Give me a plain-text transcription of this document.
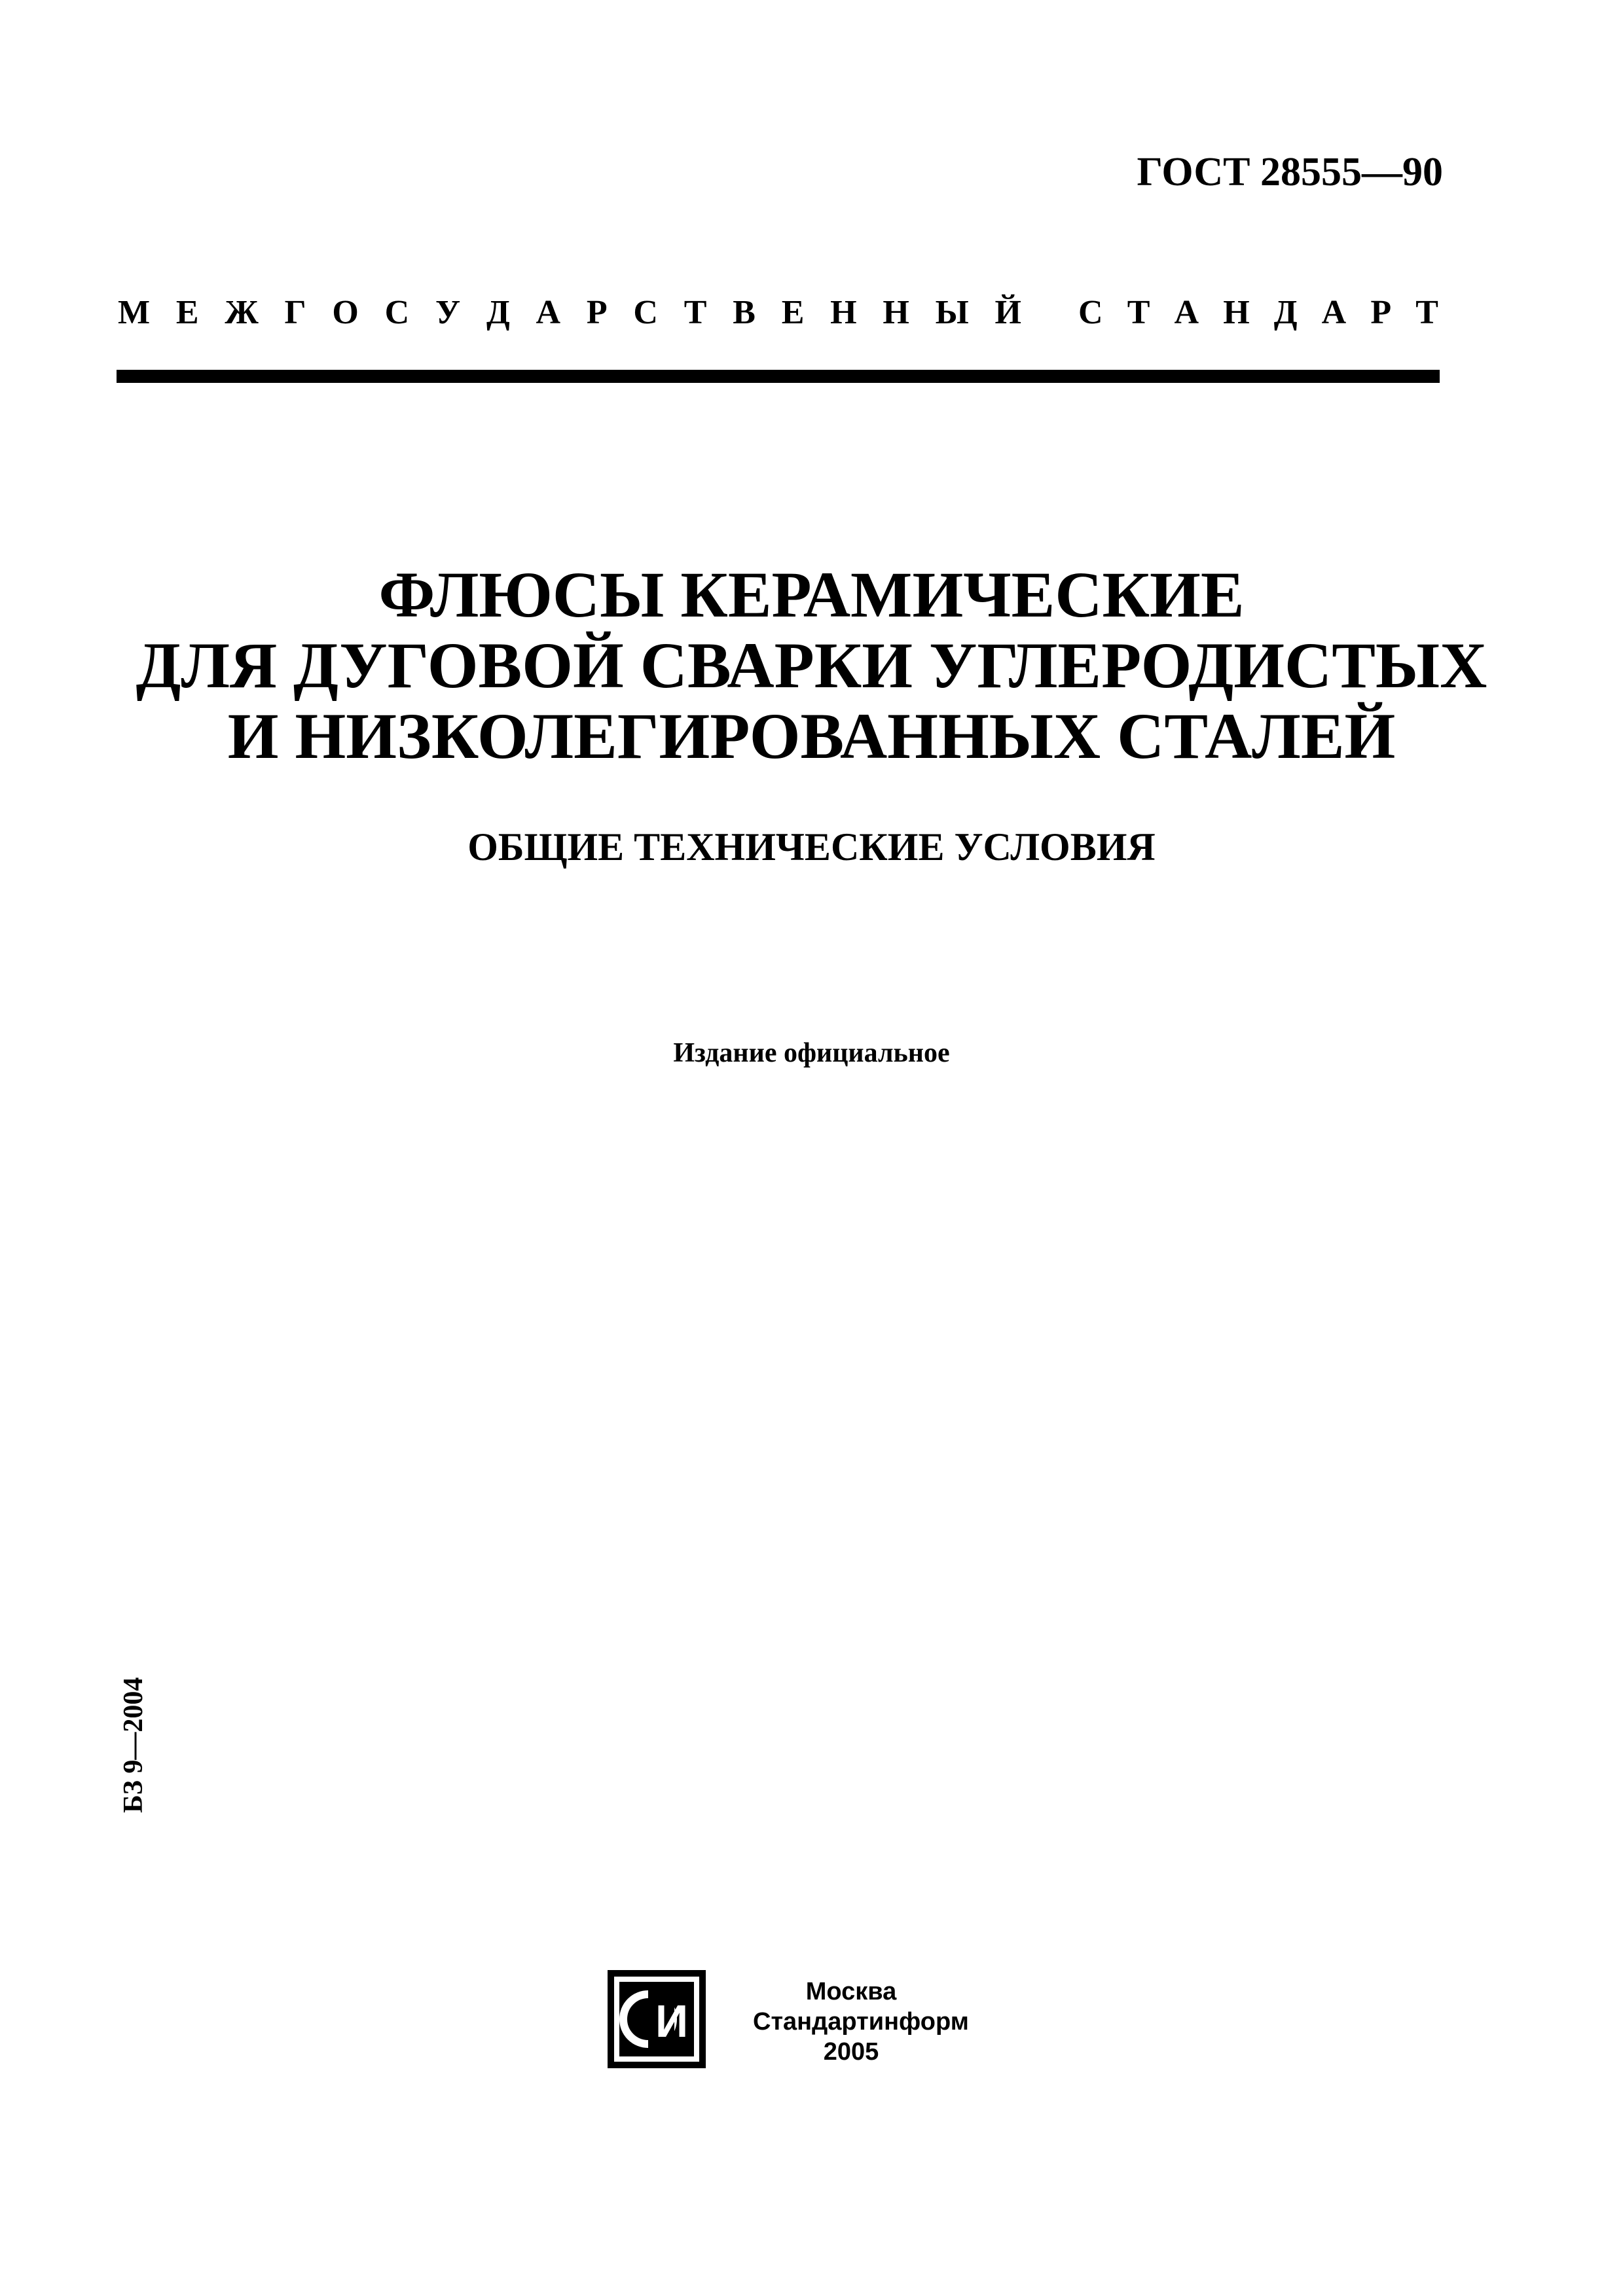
ГОСТ 28555—90
М Е Ж Г О С У Д А Р С Т В Е Н Н Ы Й С Т А Н Д А Р Т
ФЛЮСЫ КЕРАМИЧЕСКИЕ
ДЛЯ ДУГОВОЙ СВАРКИ УГЛЕРОДИСТЫХ
И НИЗКОЛЕГИРОВАННЫХ СТАЛЕЙ
ОБЩИЕ ТЕХНИЧЕСКИЕ УСЛОВИЯ
Издание официальное
БЗ 9—2004
И
Москва
Стандартинформ
2005
